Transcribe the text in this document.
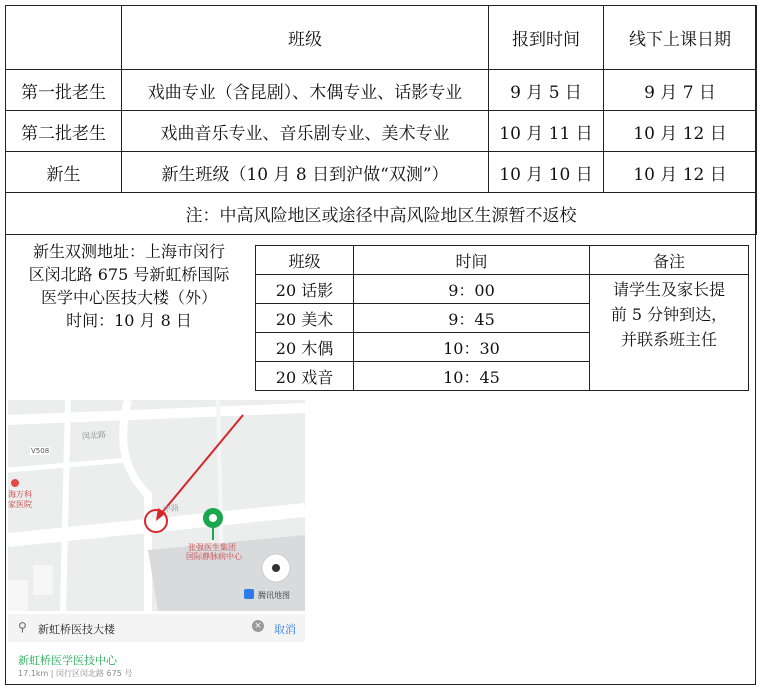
	班级	报到时间	线下上课日期
第一批老生	戏曲专业（含昆剧）、木偶专业、话影专业	9 月 5 日	9 月 7 日
第二批老生	戏曲音乐专业、音乐剧专业、美术专业	10 月 11 日	10 月 12 日
新生	新生班级（10 月 8 日到沪做“双测”）	10 月 10 日	10 月 12 日
注：中高风险地区或途径中高风险地区生源暂不返校			
新生双测地址：上海市闵行
区闵北路 675 号新虹桥国际
医学中心医技大楼（外）
时间：10 月 8 日
班级	时间	备注
20 话影	9：00	请学生及家长提
前 5 分钟到达，
并联系班主任

20 美术	9：45	
20 木偶	10：30	
20 戏音	10：45	
闵北路
V508
海万科
家医院	中路
张强医生集团
国际静脉病中心
腾讯地图
⚲ 新虹桥医技大楼	× 取消
新虹桥医学医技中心
17.1km | 闵行区闵北路 675 号
